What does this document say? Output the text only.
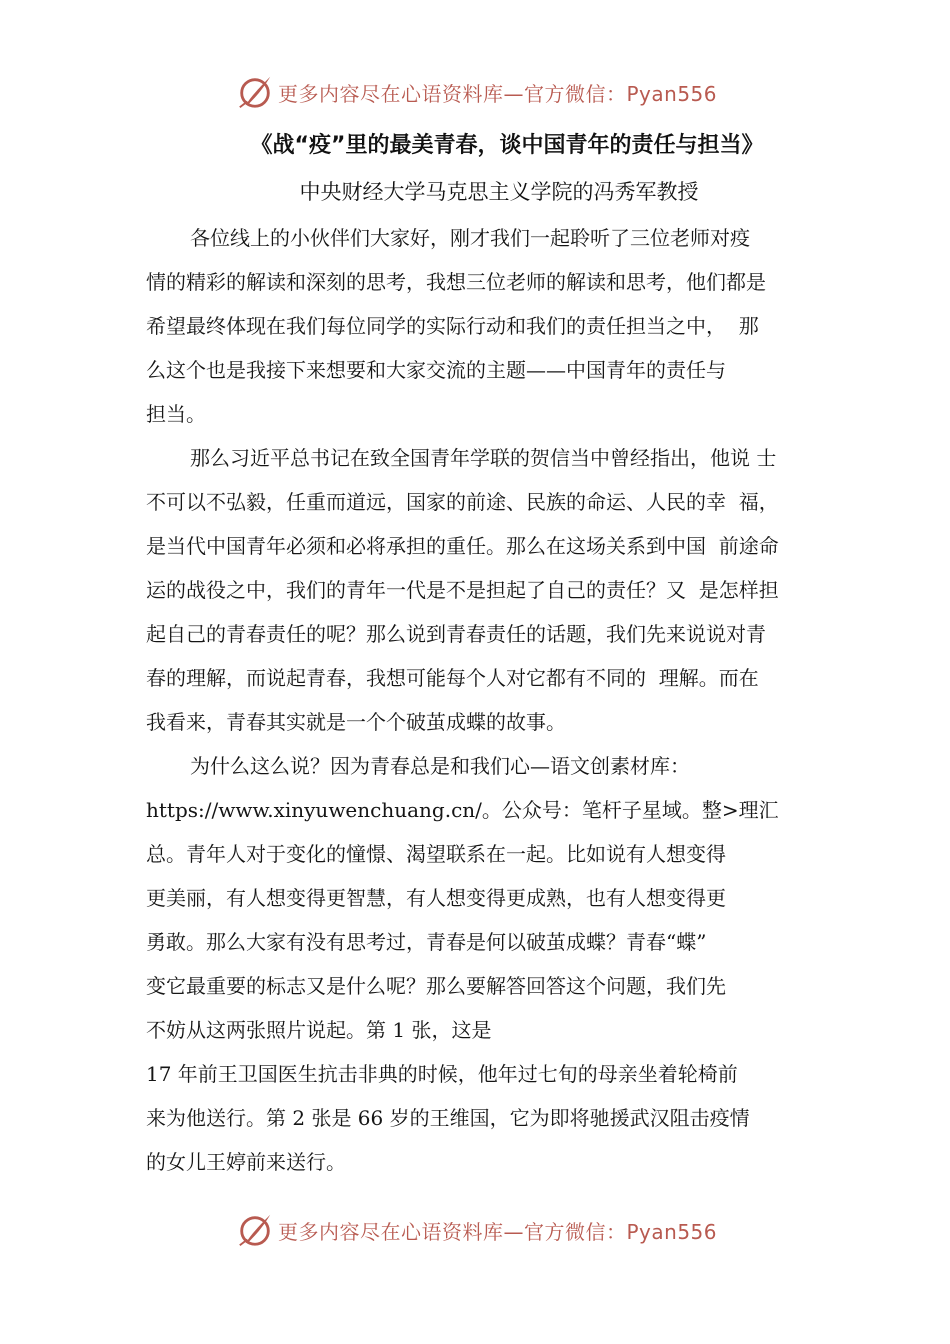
更多内容尽在心语资料库—官方微信：Pyan556
《战“疫”里的最美青春，谈中国青年的责任与担当》
中央财经大学马克思主义学院的冯秀军教授
各位线上的小伙伴们大家好，刚才我们一起聆听了三位老师对疫
情的精彩的解读和深刻的思考，我想三位老师的解读和思考，他们都是
希望最终体现在我们每位同学的实际行动和我们的责任担当之中，  那
么这个也是我接下来想要和大家交流的主题——中国青年的责任与
担当。
那么习近平总书记在致全国青年学联的贺信当中曾经指出，他说 士
不可以不弘毅，任重而道远，国家的前途、民族的命运、人民的幸  福，
是当代中国青年必须和必将承担的重任。那么在这场关系到中国  前途命
运的战役之中，我们的青年一代是不是担起了自己的责任？又  是怎样担
起自己的青春责任的呢？那么说到青春责任的话题，我们先来说说对青
春的理解，而说起青春，我想可能每个人对它都有不同的  理解。而在
我看来，青春其实就是一个个破茧成蝶的故事。
为什么这么说？因为青春总是和我们心—语文创素材库：
https://www.xinyuwenchuang.cn/。公众号：笔杆子星域。整>理汇
总。青年人对于变化的憧憬、渴望联系在一起。比如说有人想变得
更美丽，有人想变得更智慧，有人想变得更成熟，也有人想变得更
勇敢。那么大家有没有思考过，青春是何以破茧成蝶？青春“蝶”
变它最重要的标志又是什么呢？那么要解答回答这个问题，我们先
不妨从这两张照片说起。第 1 张，这是
17 年前王卫国医生抗击非典的时候，他年过七旬的母亲坐着轮椅前
来为他送行。第 2 张是 66 岁的王维国，它为即将驰援武汉阻击疫情
的女儿王婷前来送行。
更多内容尽在心语资料库—官方微信：Pyan556
